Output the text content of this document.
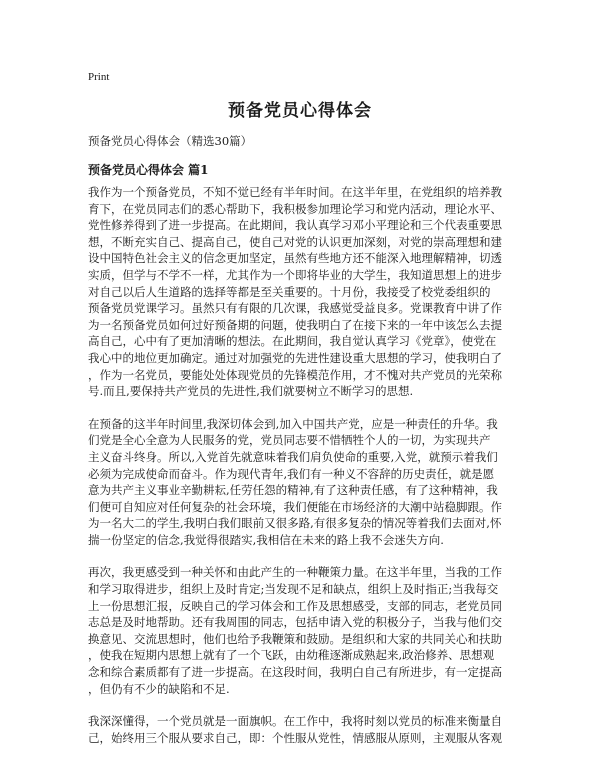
Print
预备党员心得体会
预备党员心得体会（精选30篇）
预备党员心得体会 篇1

我作为一个预备党员，不知不觉已经有半年时间。在这半年里，在党组织的培养教
育下，在党员同志们的悉心帮助下，我积极参加理论学习和党内活动，理论水平、
党性修养得到了进一步提高。在此期间，我认真学习邓小平理论和三个代表重要思
想，不断充实自己、提高自己，使自己对党的认识更加深刻，对党的崇高理想和建
设中国特色社会主义的信念更加坚定，虽然有些地方还不能深入地理解精神，切透
实质，但学与不学不一样，尤其作为一个即将毕业的大学生，我知道思想上的进步
对自己以后人生道路的选择等都是至关重要的。十月份，我接受了校党委组织的
预备党员党课学习。虽然只有有限的几次课，我感觉受益良多。党课教育中讲了作
为一名预备党员如何过好预备期的问题，使我明白了在接下来的一年中该怎么去提
高自己，心中有了更加清晰的想法。在此期间，我自觉认真学习《党章》，使党在
我心中的地位更加确定。通过对加强党的先进性建设重大思想的学习，使我明白了
，作为一名党员，要能处处体现党员的先锋模范作用，才不愧对共产党员的光荣称
号.而且,要保持共产党员的先进性,我们就要树立不断学习的思想.

在预备的这半年时间里,我深切体会到,加入中国共产党，应是一种责任的升华。我
们党是全心全意为人民服务的党，党员同志要不惜牺牲个人的一切，为实现共产
主义奋斗终身。所以,入党首先就意味着我们肩负使命的重要,入党，就预示着我们
必须为完成使命而奋斗。作为现代青年,我们有一种义不容辞的历史责任，就是愿
意为共产主义事业辛勤耕耘,任劳任怨的精神,有了这种责任感，有了这种精神，我
们便可自知应对任何复杂的社会环境，我们便能在市场经济的大潮中站稳脚跟。作
为一名大二的学生,我明白我们眼前又很多路,有很多复杂的情况等着我们去面对,怀
揣一份坚定的信念,我觉得很踏实,我相信在未来的路上我不会迷失方向.

再次，我更感受到一种关怀和由此产生的一种鞭策力量。在这半年里，当我的工作
和学习取得进步，组织上及时肯定;当发现不足和缺点，组织上及时指正;当我每交
上一份思想汇报，反映自己的学习体会和工作及思想感受，支部的同志，老党员同
志总是及时地帮助。还有我周围的同志，包括申请入党的积极分子，当我与他们交
换意见、交流思想时，他们也给予我鞭策和鼓励。是组织和大家的共同关心和扶助
，使我在短期内思想上就有了一个飞跃，由幼稚逐渐成熟起来,政治修养、思想观
念和综合素质都有了进一步提高。在这段时间，我明白自己有所进步，有一定提高
，但仍有不少的缺陷和不足.

我深深懂得，一个党员就是一面旗帜。在工作中，我将时刻以党员的标准来衡量自
己，始终用三个服从要求自己，即：个性服从党性，情感服从原则，主观服从客观
